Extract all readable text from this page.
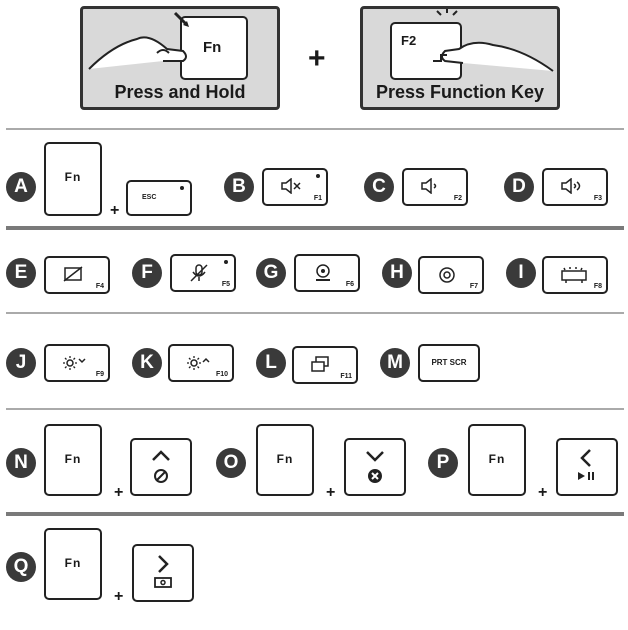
Fn
Press and Hold
+
F2
Press Function Key
A	Fn
+
ESC
B
F1
C
F2
D
F3
E
F4
F
F5
G
F6
H
F7
I
F8
J
F9
K
F10
L
F11
M	PRT SCR
N	Fn
+
O	Fn
+
P	Fn
+
Q	Fn
+
